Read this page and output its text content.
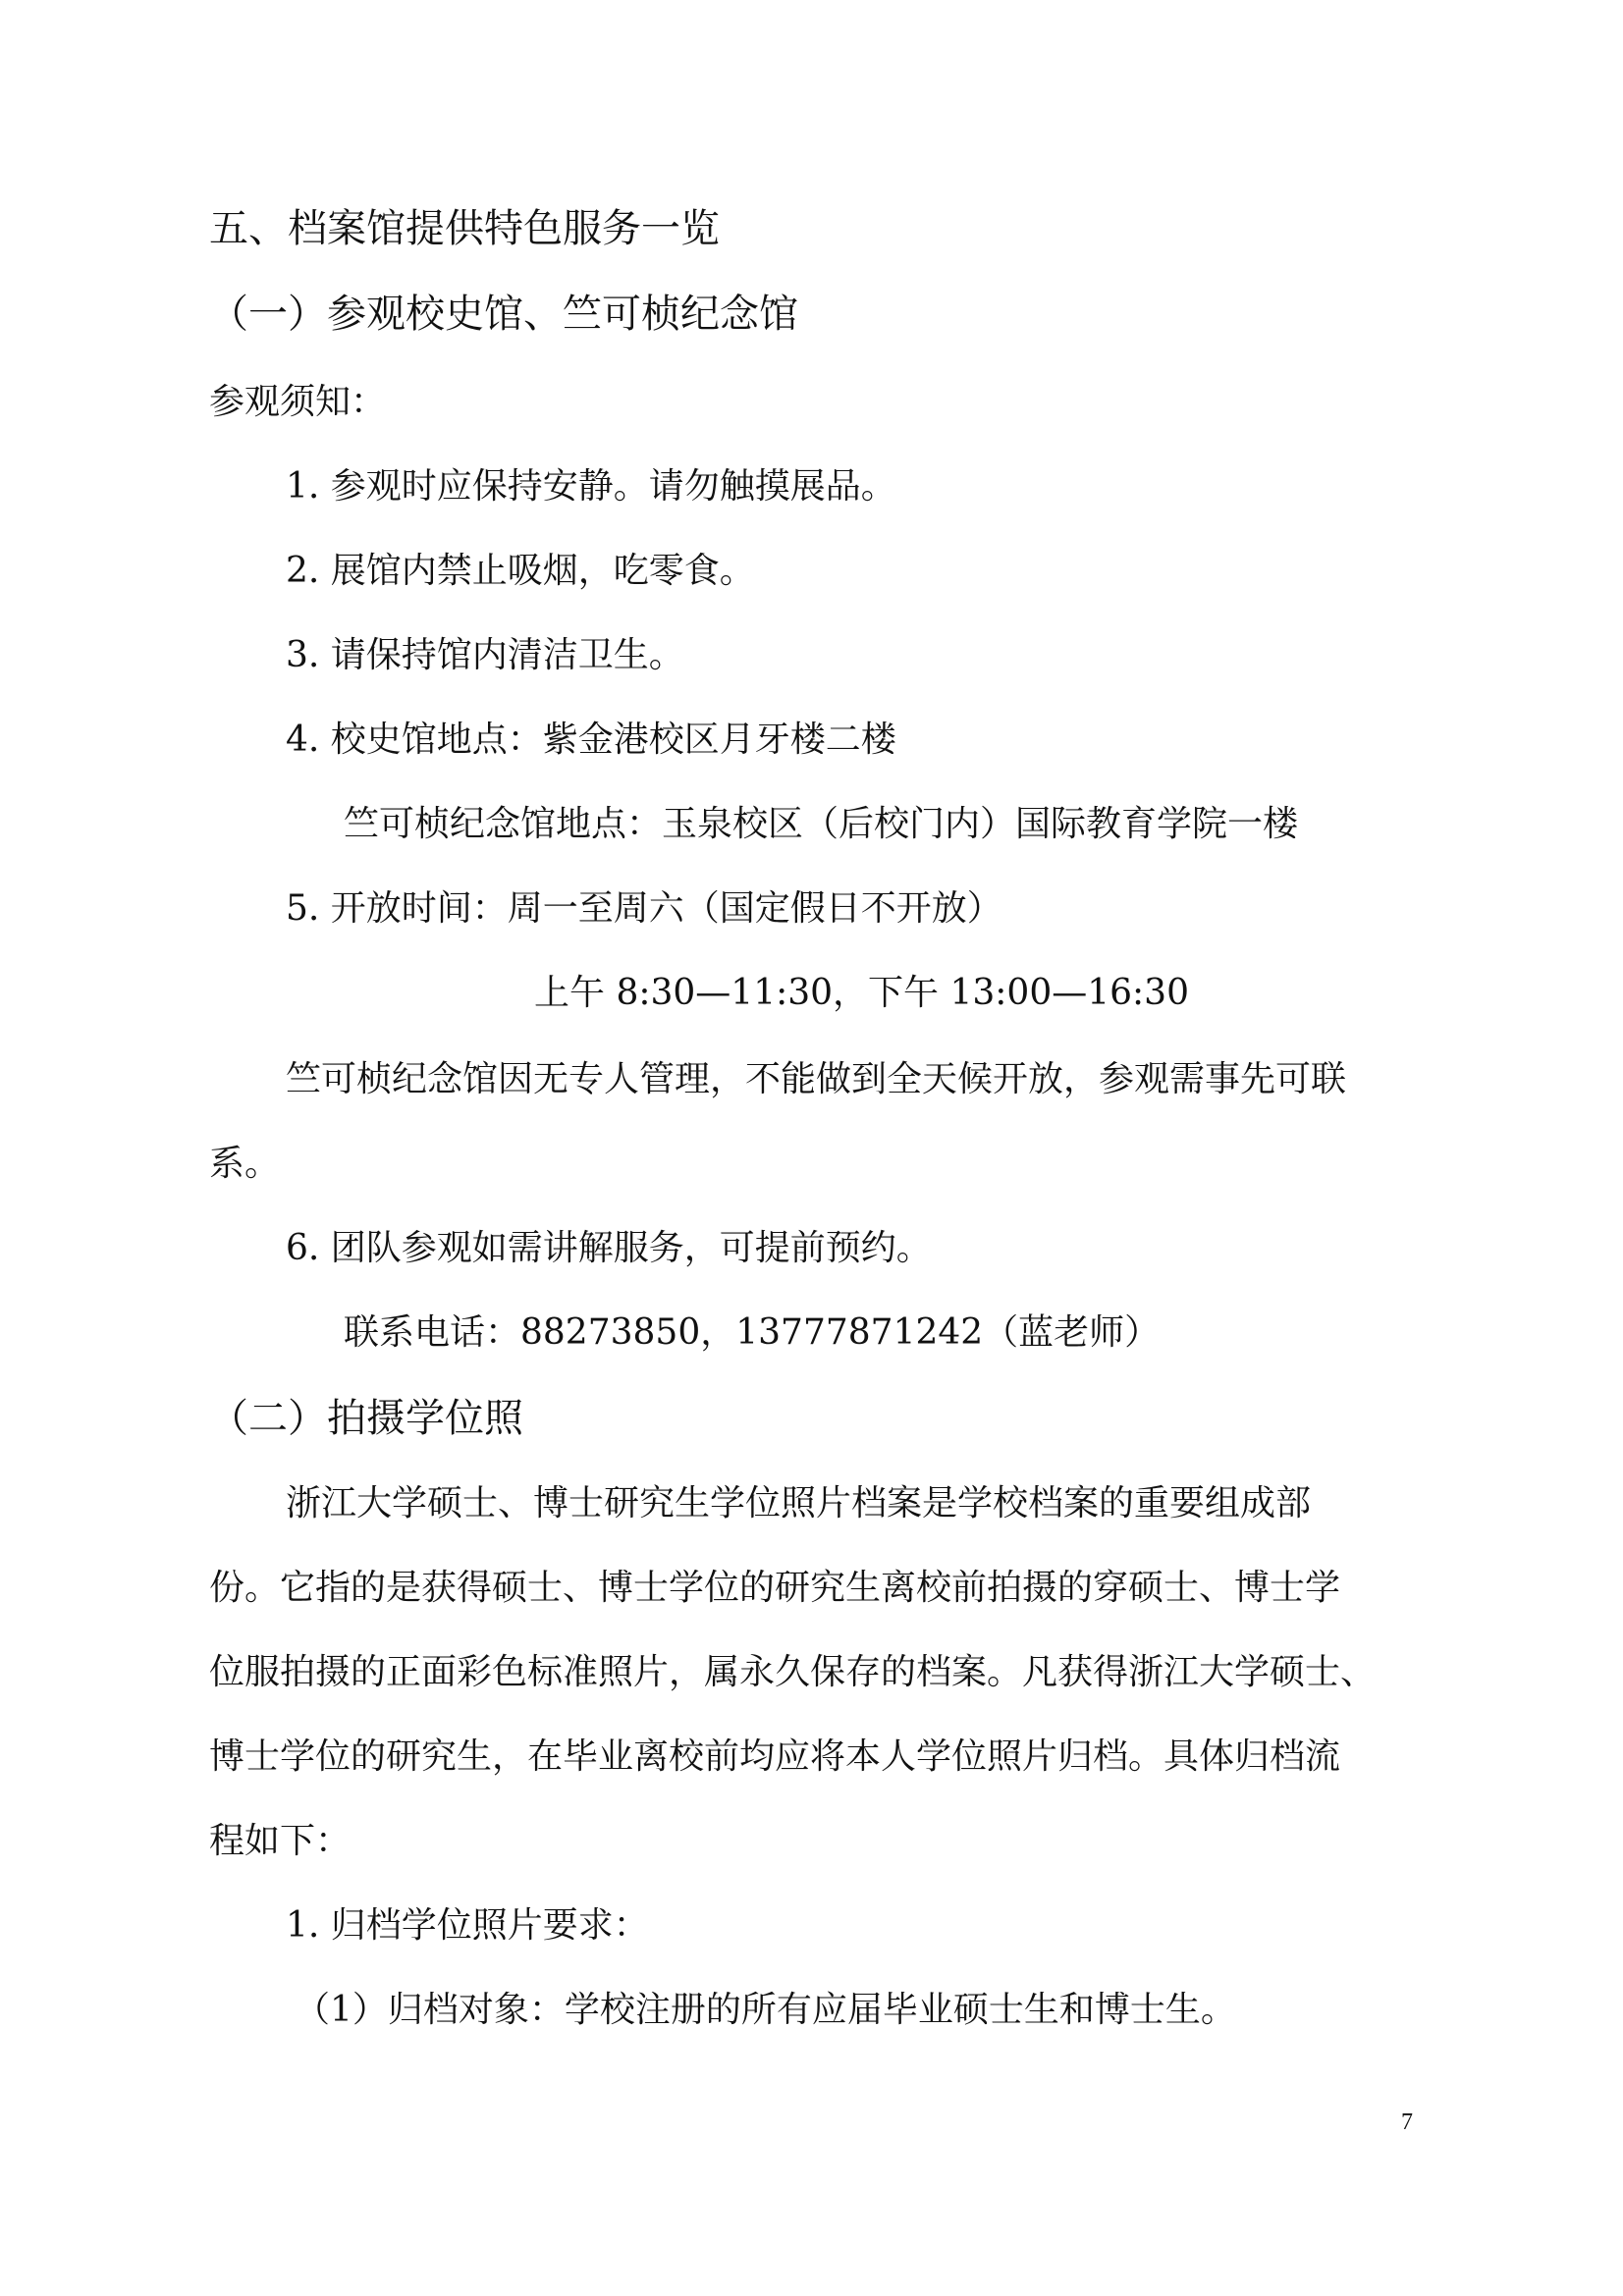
五、档案馆提供特色服务一览
（一）参观校史馆、竺可桢纪念馆
参观须知：
1. 参观时应保持安静。请勿触摸展品。
2. 展馆内禁止吸烟，吃零食。
3. 请保持馆内清洁卫生。
4. 校史馆地点：紫金港校区月牙楼二楼
竺可桢纪念馆地点：玉泉校区（后校门内）国际教育学院一楼
5. 开放时间：周一至周六（国定假日不开放）
上午 8:30—11:30，下午 13:00—16:30
竺可桢纪念馆因无专人管理，不能做到全天候开放，参观需事先可联
系。
6. 团队参观如需讲解服务，可提前预约。
联系电话：88273850，13777871242（蓝老师）
（二）拍摄学位照
浙江大学硕士、博士研究生学位照片档案是学校档案的重要组成部
份。它指的是获得硕士、博士学位的研究生离校前拍摄的穿硕士、博士学
位服拍摄的正面彩色标准照片，属永久保存的档案。凡获得浙江大学硕士、
博士学位的研究生，在毕业离校前均应将本人学位照片归档。具体归档流
程如下：
1. 归档学位照片要求：
（1）归档对象：学校注册的所有应届毕业硕士生和博士生。
7
